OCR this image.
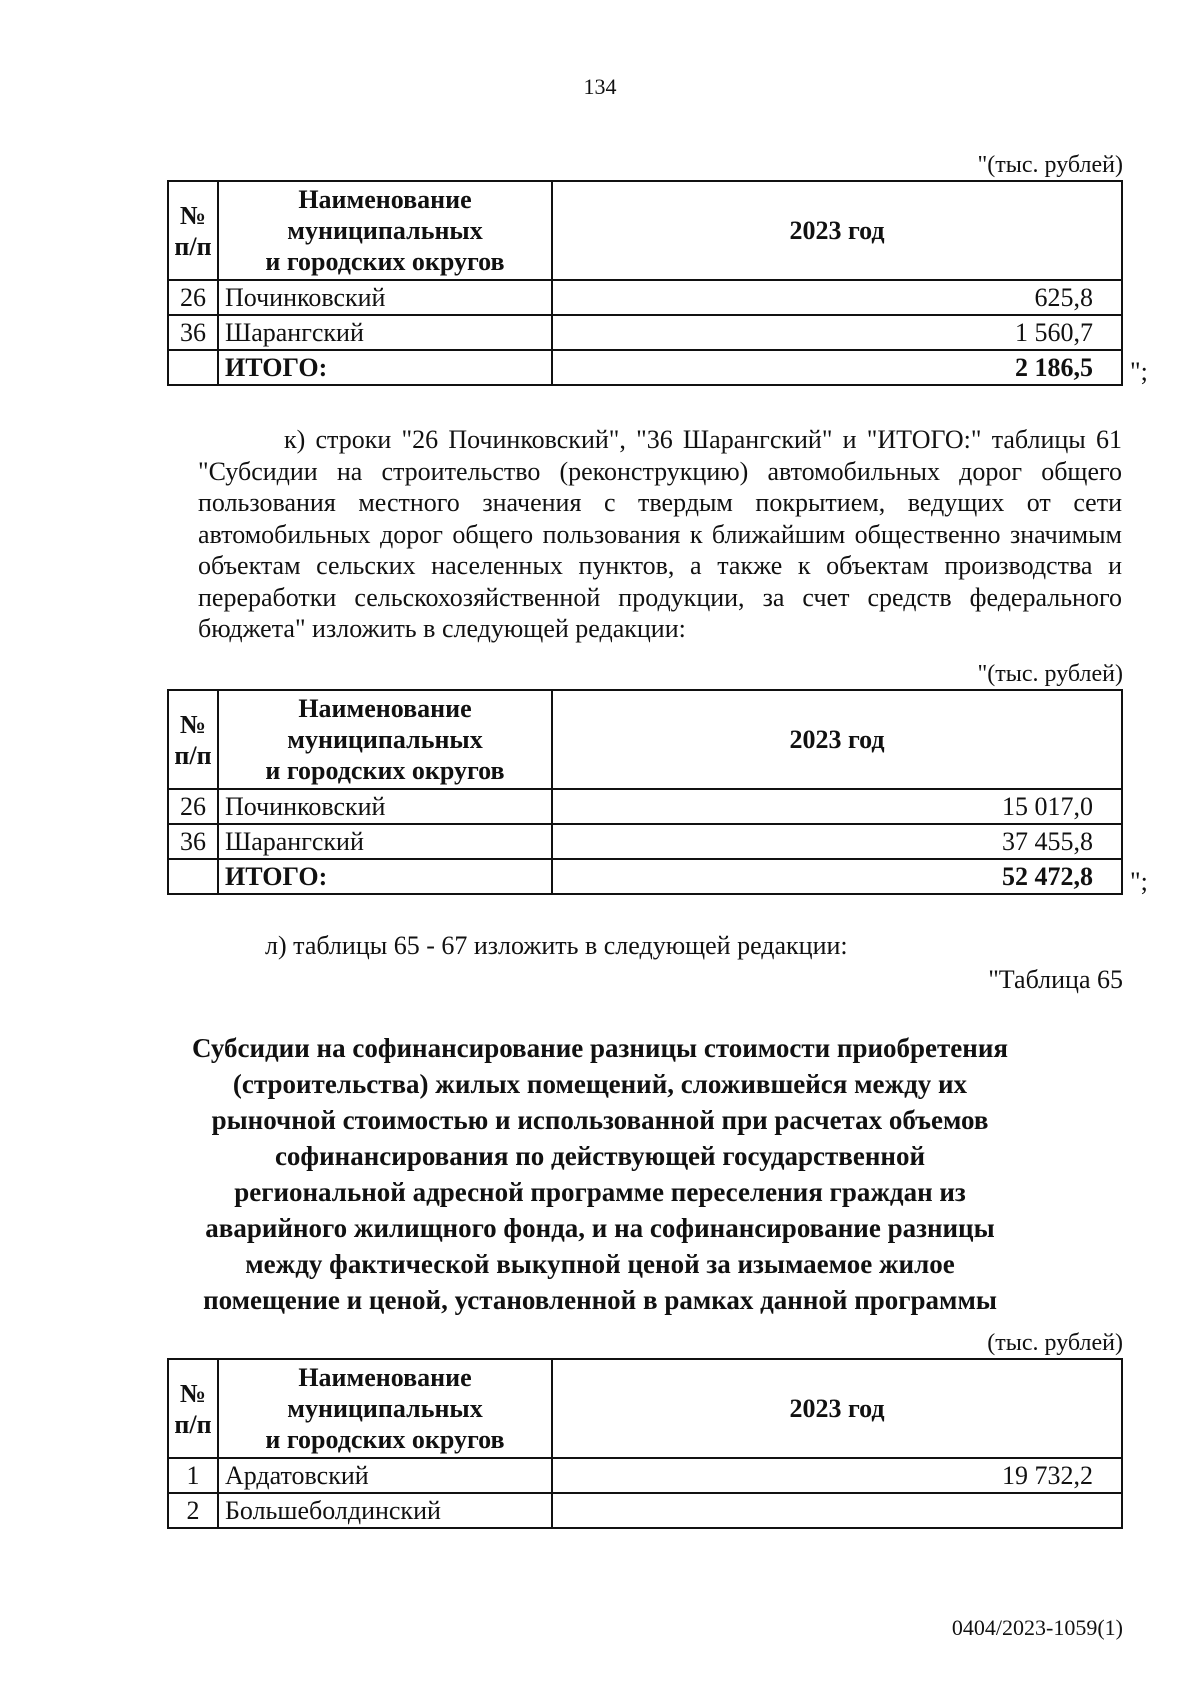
134
"(тыс. рублей)
№ п/п	Наименование
муниципальных
и городских округов	2023 год
26	Починковский	625,8
36	Шарангский	1 560,7
	ИТОГО:	2 186,5 ";
к) строки "26 Починковский", "36 Шарангский" и "ИТОГО:" таблицы 61 "Субсидии на строительство (реконструкцию) автомобильных дорог общего пользования местного значения с твердым покрытием, ведущих от сети автомобильных дорог общего пользования к ближайшим общественно значимым объектам сельских населенных пунктов, а также к объектам производства и переработки сельскохозяйственной продукции, за счет средств федерального бюджета" изложить в следующей редакции:
"(тыс. рублей)
№ п/п	Наименование
муниципальных
и городских округов	2023 год
26	Починковский	15 017,0
36	Шарангский	37 455,8
	ИТОГО:	52 472,8 ";
л) таблицы 65 - 67 изложить в следующей редакции:
"Таблица 65
Субсидии на софинансирование разницы стоимости приобретения (строительства) жилых помещений, сложившейся между их рыночной стоимостью и использованной при расчетах объемов софинансирования по действующей государственной региональной адресной программе переселения граждан из аварийного жилищного фонда, и на софинансирование разницы между фактической выкупной ценой за изымаемое жилое помещение и ценой, установленной в рамках данной программы
(тыс. рублей)
№ п/п	Наименование
муниципальных
и городских округов	2023 год
1	Ардатовский	19 732,2
2	Большеболдинский	
0404/2023-1059(1)
